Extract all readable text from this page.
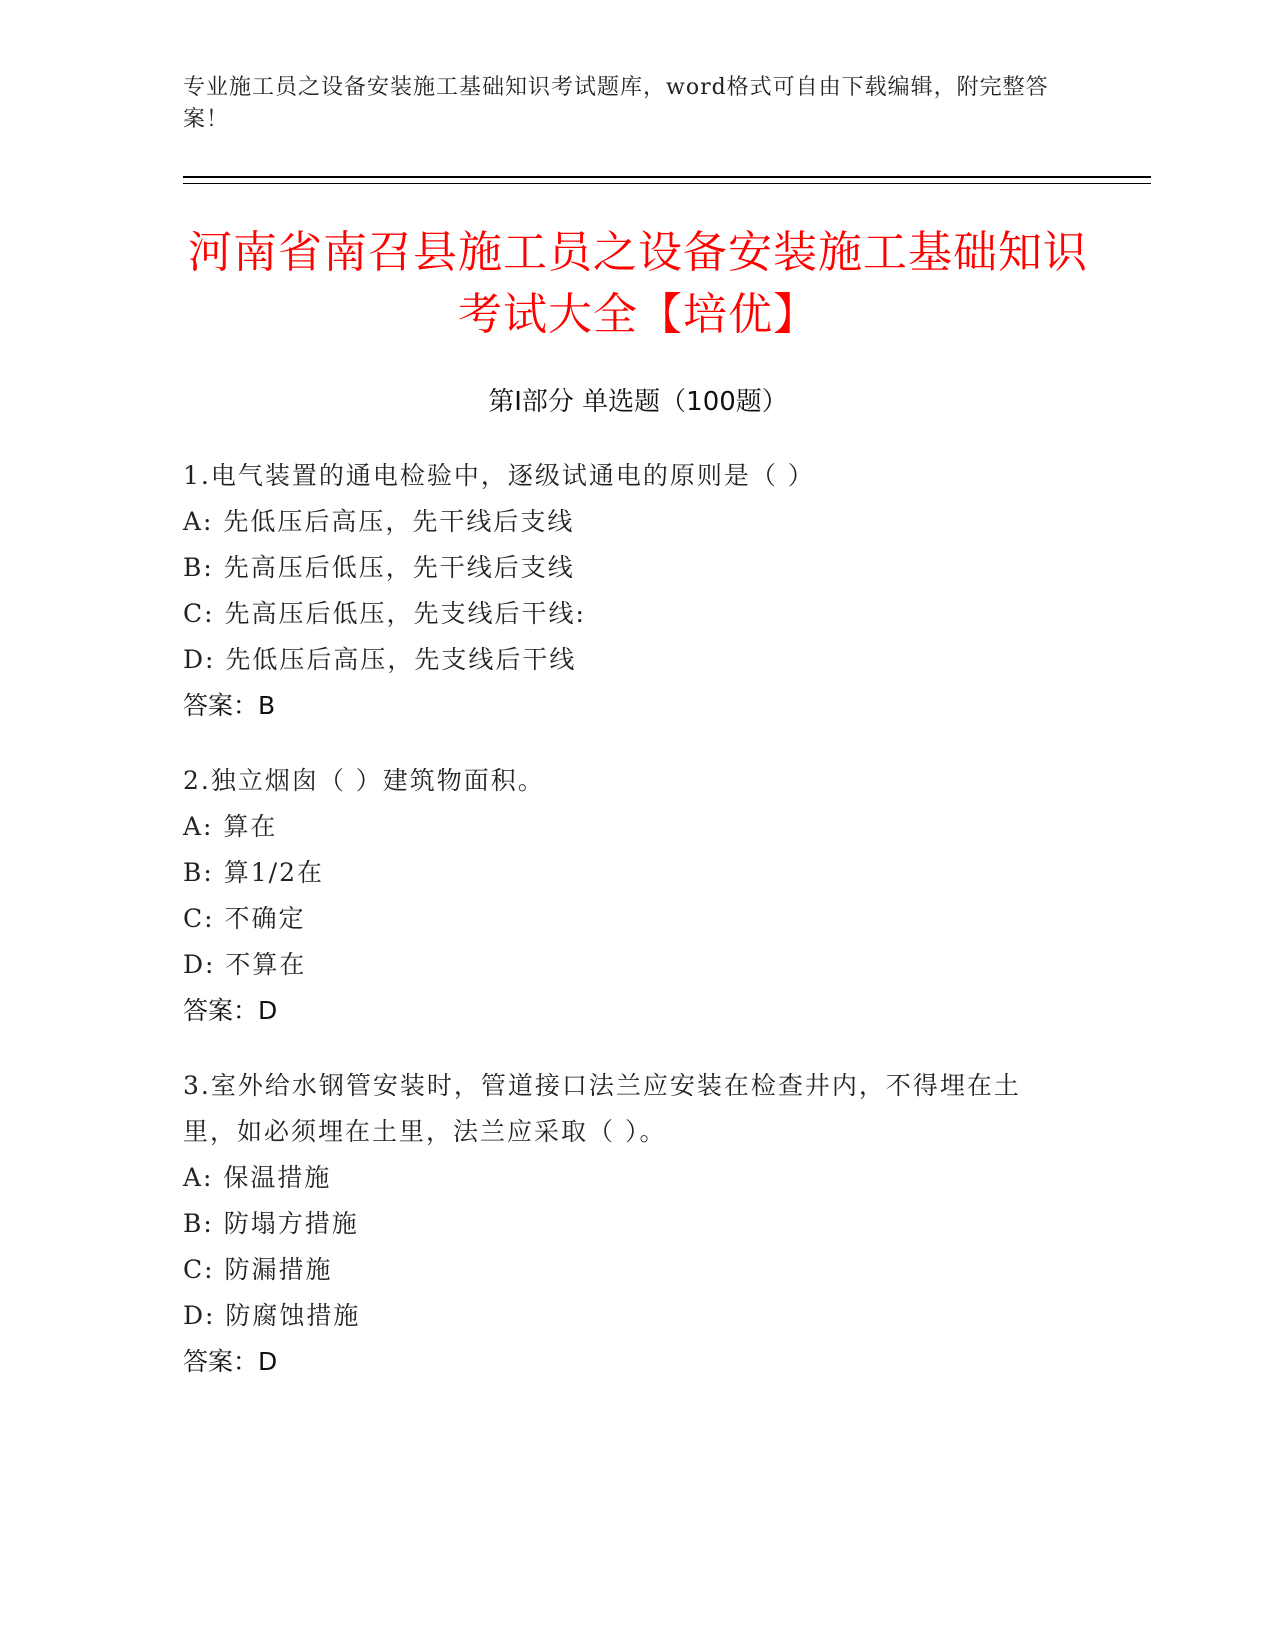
专业施工员之设备安装施工基础知识考试题库，word格式可自由下载编辑，附完整答案！
河南省南召县施工员之设备安装施工基础知识考试大全【培优】
第Ⅰ部分 单选题（100题）
1.电气装置的通电检验中，逐级试通电的原则是（ ）
A: 先低压后高压，先干线后支线
B: 先高压后低压，先干线后支线
C: 先高压后低压，先支线后干线:
D: 先低压后高压，先支线后干线
答案：B
2.独立烟囱（ ）建筑物面积。
A: 算在
B: 算1/2在
C: 不确定
D: 不算在
答案：D
3.室外给水钢管安装时，管道接口法兰应安装在检查井内，不得埋在土里，如必须埋在土里，法兰应采取（ ）。
A: 保温措施
B: 防塌方措施
C: 防漏措施
D: 防腐蚀措施
答案：D
